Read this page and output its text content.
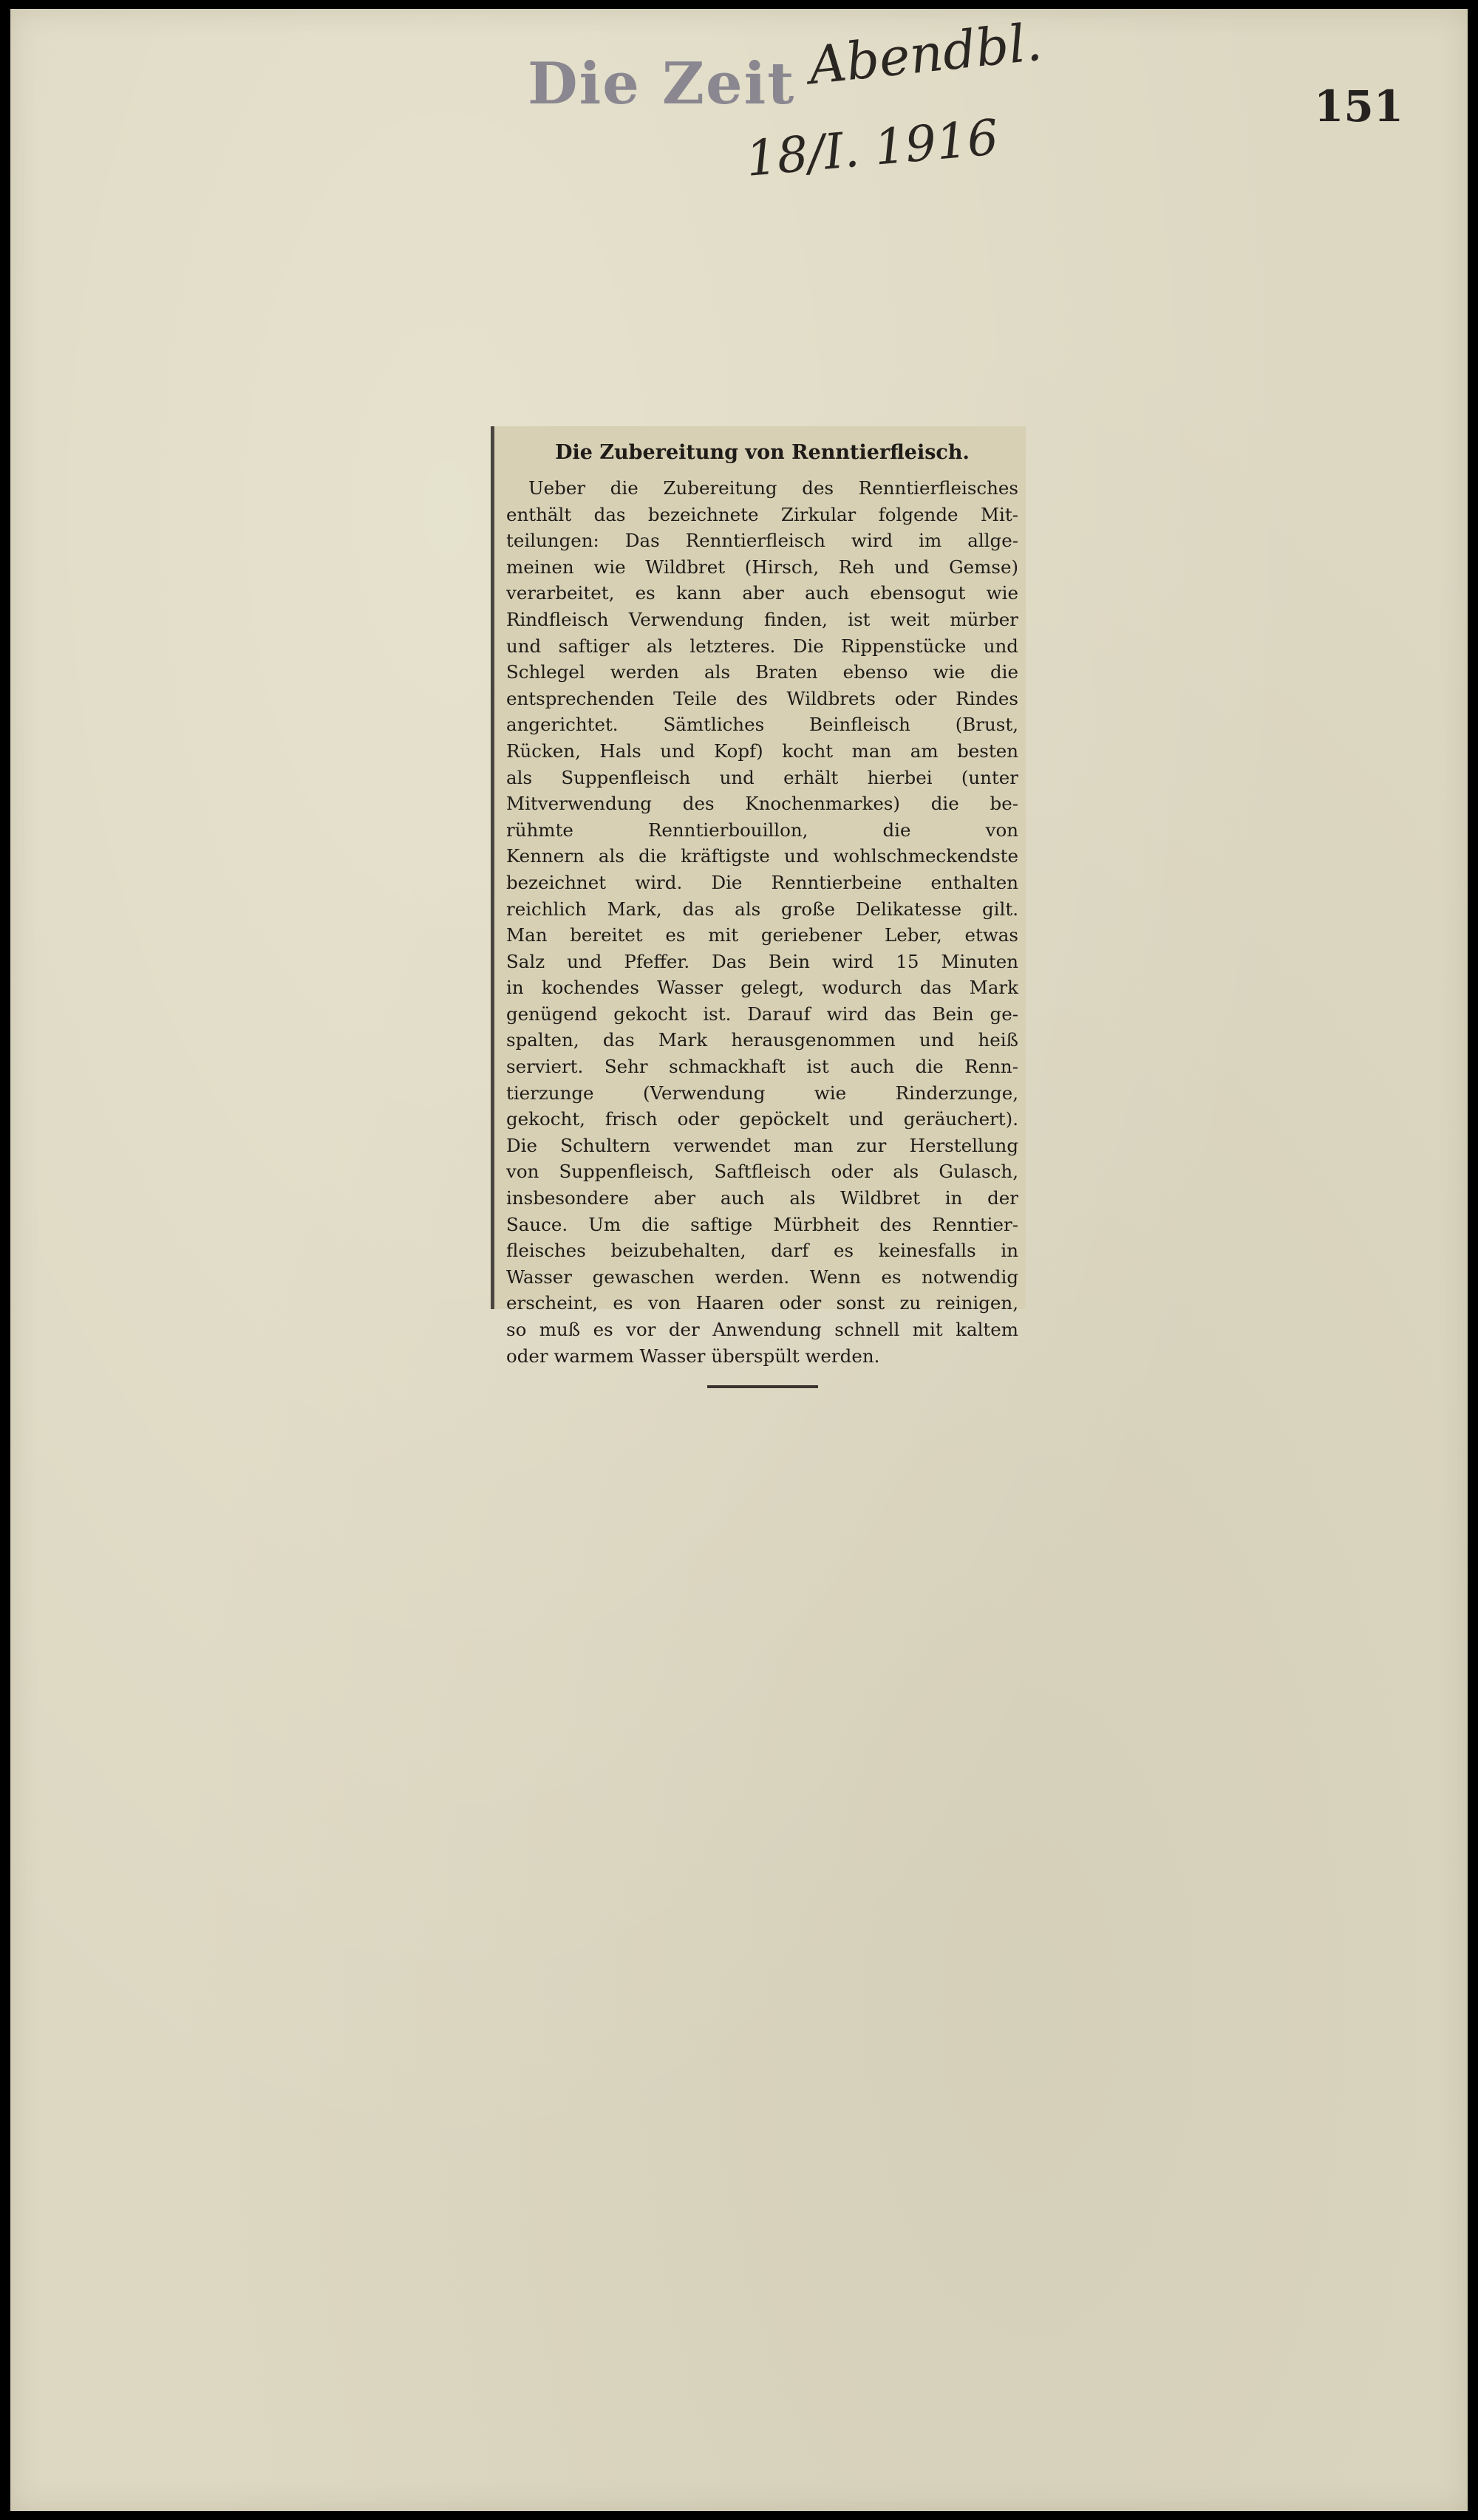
Die Zeit Abendbl.
18/I. 1916
151
Die Zubereitung von Renntierfleisch.
Ueber die Zubereitung des Renntierfleisches
enthält das bezeichnete Zirkular folgende Mit-
teilungen: Das Renntierfleisch wird im allge-
meinen wie Wildbret (Hirsch, Reh und Gemse)
verarbeitet, es kann aber auch ebensogut wie
Rindfleisch Verwendung finden, ist weit mürber
und saftiger als letzteres. Die Rippenstücke und
Schlegel werden als Braten ebenso wie die
entsprechenden Teile des Wildbrets oder Rindes
angerichtet. Sämtliches Beinfleisch (Brust,
Rücken, Hals und Kopf) kocht man am besten
als Suppenfleisch und erhält hierbei (unter
Mitverwendung des Knochenmarkes) die be-
rühmte Renntierbouillon, die von
Kennern als die kräftigste und wohlschmeckendste
bezeichnet wird. Die Renntierbeine enthalten
reichlich Mark, das als große Delikatesse gilt.
Man bereitet es mit geriebener Leber, etwas
Salz und Pfeffer. Das Bein wird 15 Minuten
in kochendes Wasser gelegt, wodurch das Mark
genügend gekocht ist. Darauf wird das Bein ge-
spalten, das Mark herausgenommen und heiß
serviert. Sehr schmackhaft ist auch die Renn-
tierzunge (Verwendung wie Rinderzunge,
gekocht, frisch oder gepöckelt und geräuchert).
Die Schultern verwendet man zur Herstellung
von Suppenfleisch, Saftfleisch oder als Gulasch,
insbesondere aber auch als Wildbret in der
Sauce. Um die saftige Mürbheit des Renntier-
fleisches beizubehalten, darf es keinesfalls in
Wasser gewaschen werden. Wenn es notwendig
erscheint, es von Haaren oder sonst zu reinigen,
so muß es vor der Anwendung schnell mit kaltem
oder warmem Wasser überspült werden.
